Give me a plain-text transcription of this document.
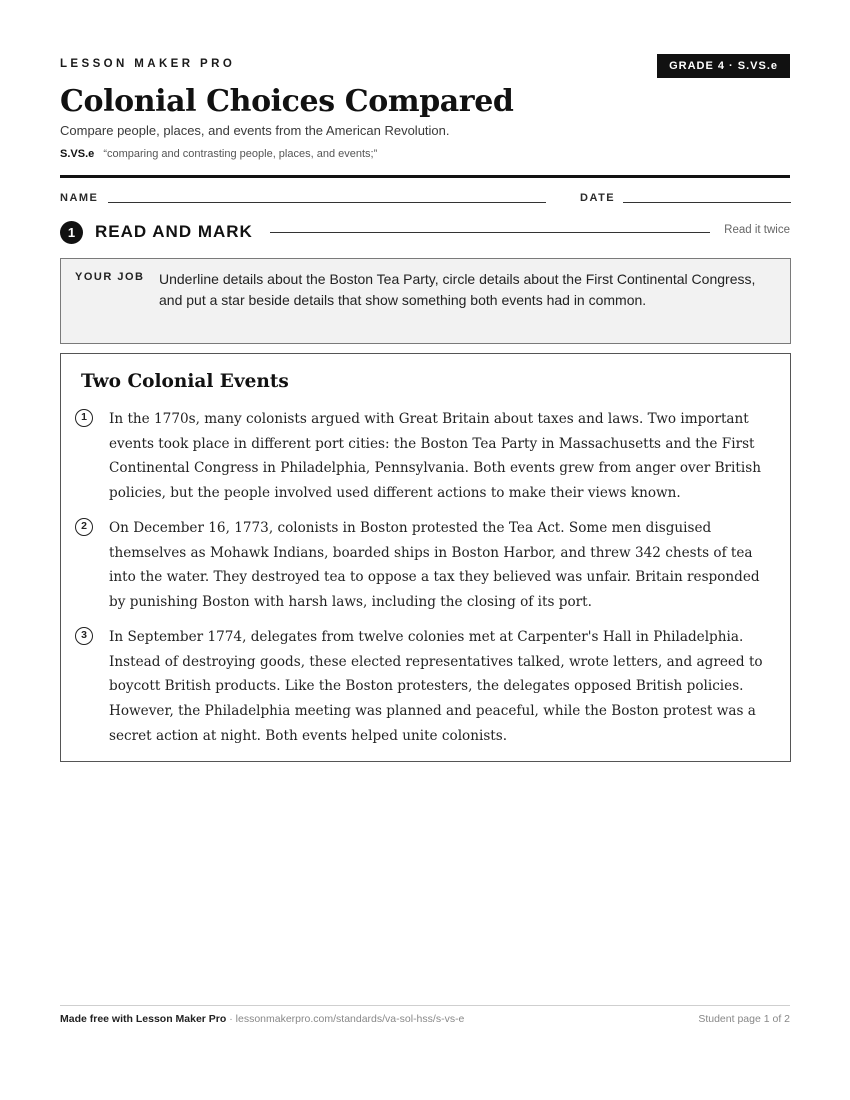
LESSON MAKER PRO	GRADE 4 · S.VS.e
Colonial Choices Compared
Compare people, places, and events from the American Revolution.
S.VS.e “comparing and contrasting people, places, and events;”
NAME	DATE
1	READ AND MARK	Read it twice
YOUR JOB Underline details about the Boston Tea Party, circle details about the First Continental Congress, and put a star beside details that show something both events had in common.
Two Colonial Events
1	In the 1770s, many colonists argued with Great Britain about taxes and laws. Two important events took place in different port cities: the Boston Tea Party in Massachusetts and the First Continental Congress in Philadelphia, Pennsylvania. Both events grew from anger over British policies, but the people involved used different actions to make their views known.

2	On December 16, 1773, colonists in Boston protested the Tea Act. Some men disguised themselves as Mohawk Indians, boarded ships in Boston Harbor, and threw 342 chests of tea into the water. They destroyed tea to oppose a tax they believed was unfair. Britain responded by punishing Boston with harsh laws, including the closing of its port.

3	In September 1774, delegates from twelve colonies met at Carpenter's Hall in Philadelphia. Instead of destroying goods, these elected representatives talked, wrote letters, and agreed to boycott British products. Like the Boston protesters, the delegates opposed British policies. However, the Philadelphia meeting was planned and peaceful, while the Boston protest was a secret action at night. Both events helped unite colonists.

Made free with Lesson Maker Pro · lessonmakerpro.com/standards/va-sol-hss/s-vs-e	Student page 1 of 2
